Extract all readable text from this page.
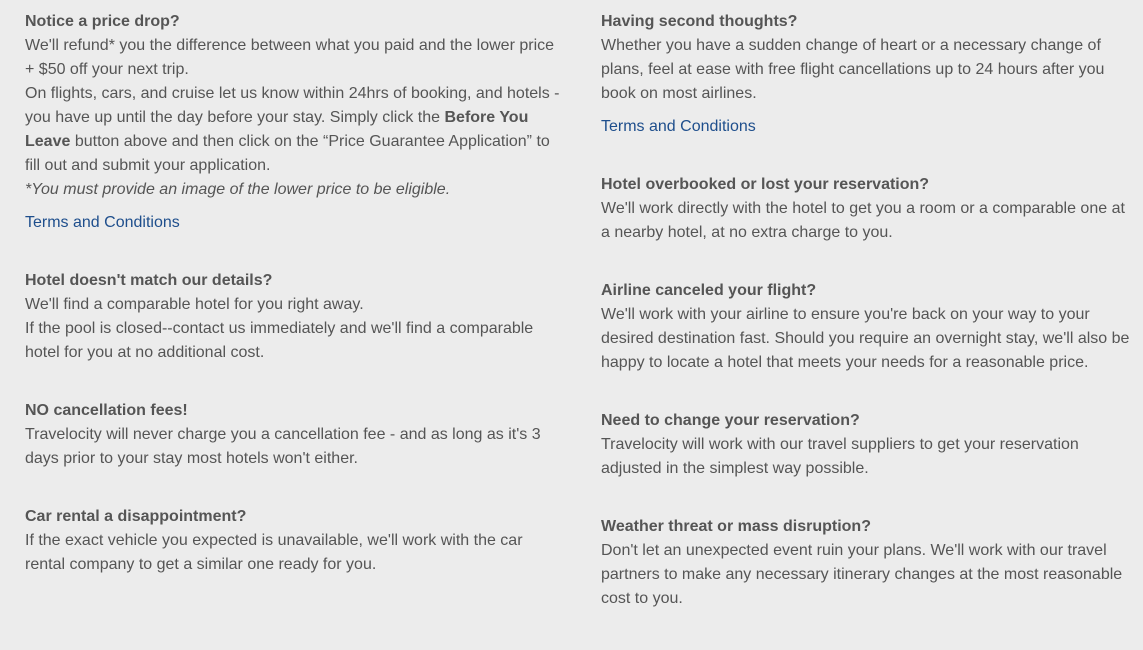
Notice a price drop?

We'll refund* you the difference between what you paid and the lower price + $50 off your next trip.

On flights, cars, and cruise let us know within 24hrs of booking, and hotels - you have up until the day before your stay. Simply click the Before You Leave button above and then click on the “Price Guarantee Application” to fill out and submit your application.

*You must provide an image of the lower price to be eligible.

Terms and Conditions
Hotel doesn't match our details?

We'll find a comparable hotel for you right away.

If the pool is closed--contact us immediately and we'll find a comparable hotel for you at no additional cost.

NO cancellation fees!

Travelocity will never charge you a cancellation fee - and as long as it's 3 days prior to your stay most hotels won't either.

Car rental a disappointment?

If the exact vehicle you expected is unavailable, we'll work with the car rental company to get a similar one ready for you.

Having second thoughts?

Whether you have a sudden change of heart or a necessary change of plans, feel at ease with free flight cancellations up to 24 hours after you book on most airlines.

Terms and Conditions
Hotel overbooked or lost your reservation?

We'll work directly with the hotel to get you a room or a comparable one at a nearby hotel, at no extra charge to you.

Airline canceled your flight?

We'll work with your airline to ensure you're back on your way to your desired destination fast. Should you require an overnight stay, we'll also be happy to locate a hotel that meets your needs for a reasonable price.

Need to change your reservation?

Travelocity will work with our travel suppliers to get your reservation adjusted in the simplest way possible.

Weather threat or mass disruption?

Don't let an unexpected event ruin your plans. We'll work with our travel partners to make any necessary itinerary changes at the most reasonable cost to you.
